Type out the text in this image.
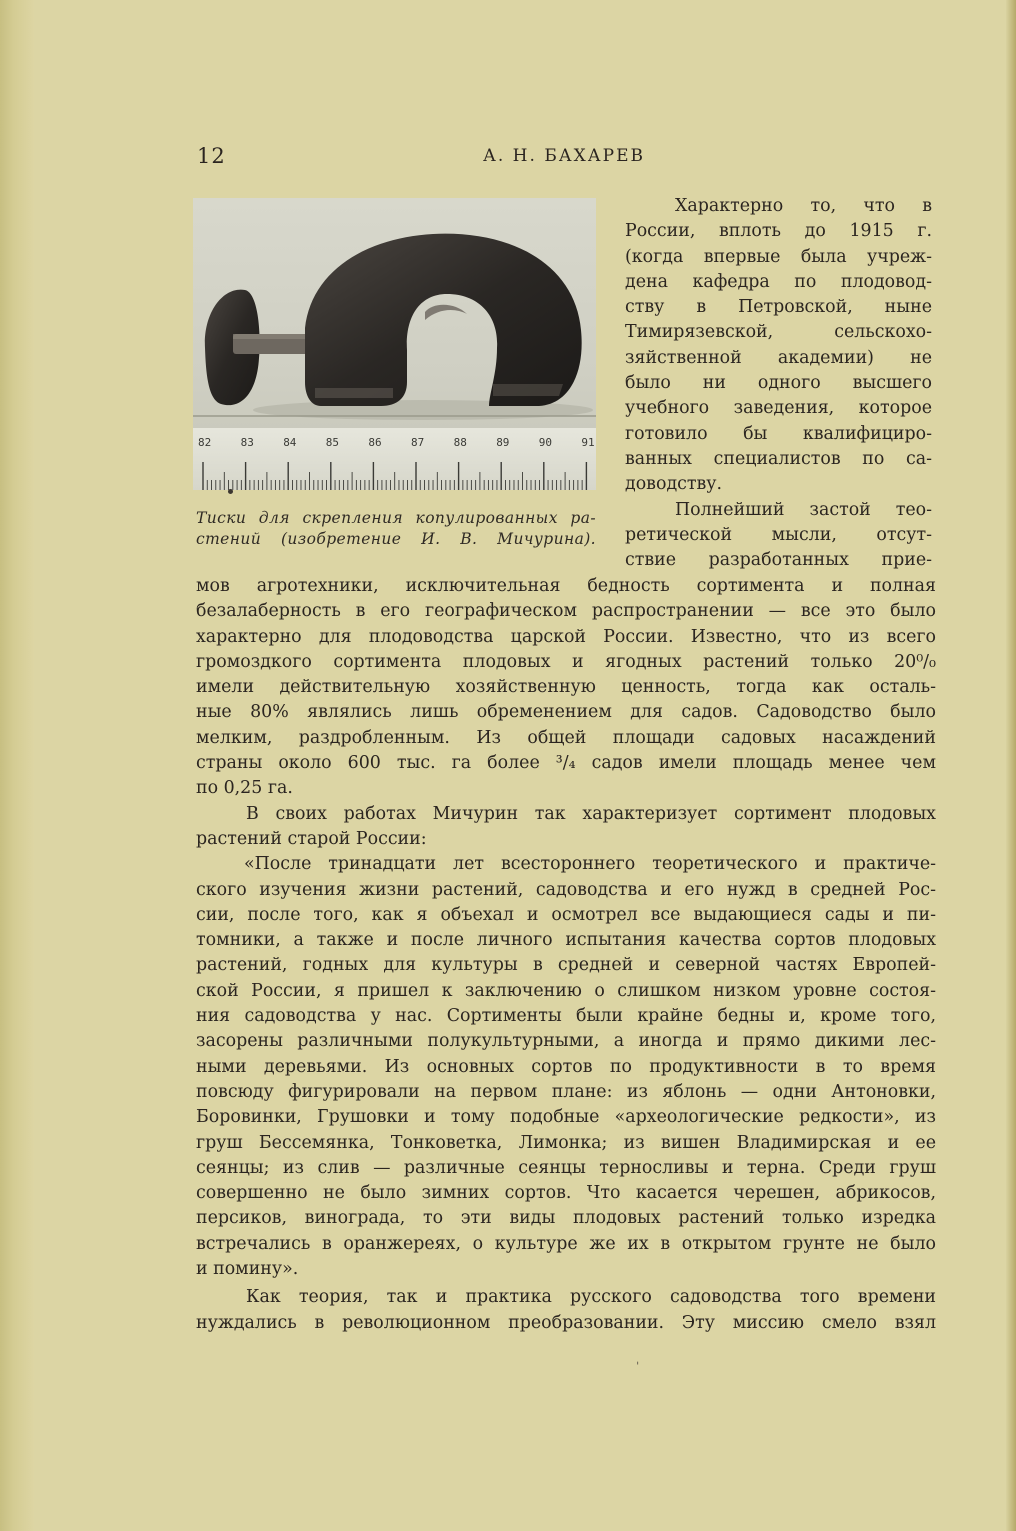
12	А. Н. БАХАРЕВ
82	83	84	85	86	87	88	89	90	91
Тиски для скрепления копулированных ра-
стений (изобретение И. В. Мичурина).
Характерно то, что в
России, вплоть до 1915 г.
(когда впервые была учреж-
дена кафедра по плодовод-
ству в Петровской, ныне
Тимирязевской, сельскохо-
зяйственной академии) не
было ни одного высшего
учебного заведения, которое
готовило бы квалифициро-
ванных специалистов по са-
доводству.
Полнейший застой тео-
ретической мысли, отсут-
ствие разработанных прие-
мов агротехники, исключительная бедность сортимента и полная
безалаберность в его географическом распространении — все это было
характерно для плодоводства царской России. Известно, что из всего
громоздкого сортимента плодовых и ягодных растений только 20⁰/₀
имели действительную хозяйственную ценность, тогда как осталь-
ные 80% являлись лишь обременением для садов. Садоводство было
мелким, раздробленным. Из общей площади садовых насаждений
страны около 600 тыс. га более ³/₄ садов имели площадь менее чем
по 0,25 га.
В своих работах Мичурин так характеризует сортимент плодовых
растений старой России:
«После тринадцати лет всестороннего теоретического и практиче-
ского изучения жизни растений, садоводства и его нужд в средней Рос-
сии, после того, как я объехал и осмотрел все выдающиеся сады и пи-
томники, а также и после личного испытания качества сортов плодовых
растений, годных для культуры в средней и северной частях Европей-
ской России, я пришел к заключению о слишком низком уровне состоя-
ния садоводства у нас. Сортименты были крайне бедны и, кроме того,
засорены различными полукультурными, а иногда и прямо дикими лес-
ными деревьями. Из основных сортов по продуктивности в то время
повсюду фигурировали на первом плане: из яблонь — одни Антоновки,
Боровинки, Грушовки и тому подобные «археологические редкости», из
груш Бессемянка, Тонковетка, Лимонка; из вишен Владимирская и ее
сеянцы; из слив — различные сеянцы терносливы и терна. Среди груш
совершенно не было зимних сортов. Что касается черешен, абрикосов,
персиков, винограда, то эти виды плодовых растений только изредка
встречались в оранжереях, о культуре же их в открытом грунте не было
и помину».
Как теория, так и практика русского садоводства того времени
нуждались в революционном преобразовании. Эту миссию смело взял
ˈ
